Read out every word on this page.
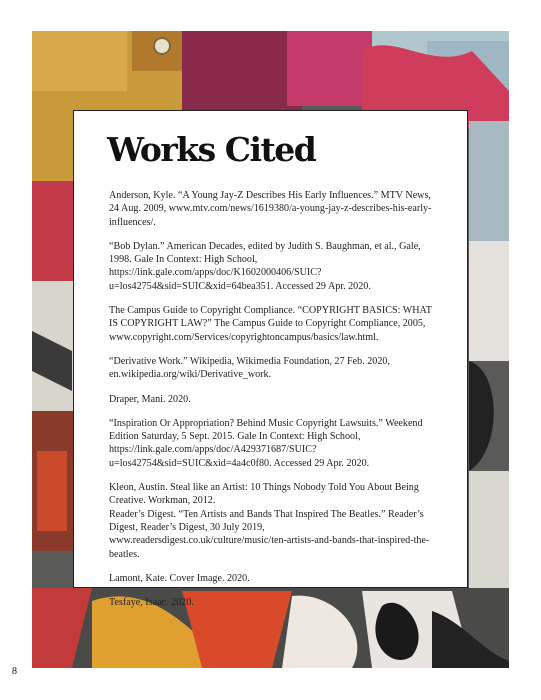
Works Cited

Anderson, Kyle. “A Young Jay-Z Describes His Early Influences.” MTV News, 24 Aug. 2009, www.mtv.com/news/1619380/a-young-jay-z-describes-his-early-influences/.

“Bob Dylan.” American Decades, edited by Judith S. Baughman, et al., Gale, 1998. Gale In Context: High School, https://link.gale.com/apps/doc/K1602000406/SUIC?u=los42754&sid=SUIC&xid=64bea351. Accessed 29 Apr. 2020.

The Campus Guide to Copyright Compliance. “COPYRIGHT BASICS: WHAT IS COPYRIGHT LAW?” The Campus Guide to Copyright Compliance, 2005, www.copyright.com/Services/copyrightoncampus/basics/law.html.

“Derivative Work.” Wikipedia, Wikimedia Foundation, 27 Feb. 2020, en.wikipedia.org/wiki/Derivative_work.

Draper, Mani. 2020.

“Inspiration Or Appropriation? Behind Music Copyright Lawsuits.” Weekend Edition Saturday, 5 Sept. 2015. Gale In Context: High School, https://link.gale.com/apps/doc/A429371687/SUIC?u=los42754&sid=SUIC&xid=4a4c0f80. Accessed 29 Apr. 2020.

Kleon, Austin. Steal like an Artist: 10 Things Nobody Told You About Being Creative. Workman, 2012.

Reader’s Digest. “Ten Artists and Bands That Inspired The Beatles.” Reader’s Digest, Reader’s Digest, 30 July 2019, www.readersdigest.co.uk/culture/music/ten-artists-and-bands-that-inspired-the-beatles.

Lamont, Kate. Cover Image. 2020.

Tesfaye, Isaac. 2020.

8
